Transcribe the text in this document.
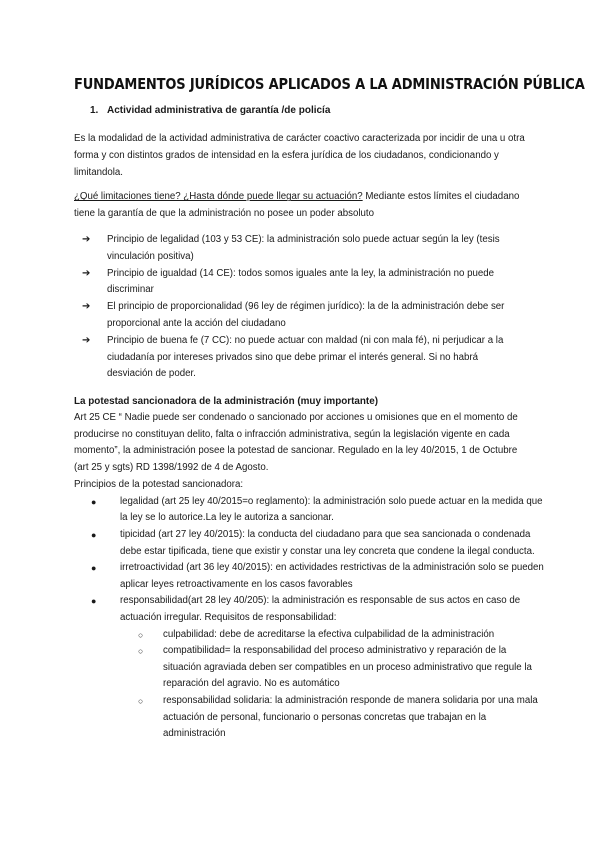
FUNDAMENTOS JURÍDICOS APLICADOS A LA ADMINISTRACIÓN PÚBLICA

1. Actividad administrativa de garantía /de policía

Es la modalidad de la actividad administrativa de carácter coactivo caracterizada por incidir de una u otra forma y con distintos grados de intensidad en la esfera jurídica de los ciudadanos, condicionando y limitandola.

¿Qué limitaciones tiene? ¿Hasta dónde puede llegar su actuación? Mediante estos límites el ciudadano tiene la garantía de que la administración no posee un poder absoluto

➔ Principio de legalidad (103 y 53 CE): la administración solo puede actuar según la ley (tesis vinculación positiva)
➔ Principio de igualdad (14 CE): todos somos iguales ante la ley, la administración no puede discriminar
➔ El principio de proporcionalidad (96 ley de régimen jurídico): la de la administración debe ser proporcional ante la acción del ciudadano
➔ Principio de buena fe (7 CC): no puede actuar con maldad (ni con mala fé), ni perjudicar a la ciudadanía por intereses privados sino que debe primar el interés general. Si no habrá desviación de poder.

La potestad sancionadora de la administración (muy importante)

Art 25 CE “ Nadie puede ser condenado o sancionado por acciones u omisiones que en el momento de producirse no constituyan delito, falta o infracción administrativa, según la legislación vigente en cada momento”, la administración posee la potestad de sancionar. Regulado en la ley 40/2015, 1 de Octubre (art 25 y sgts) RD 1398/1992 de 4 de Agosto.

Principios de la potestad sancionadora:

● legalidad (art 25 ley 40/2015=o reglamento): la administración solo puede actuar en la medida que la ley se lo autorice.La ley le autoriza a sancionar.
● tipicidad (art 27 ley 40/2015): la conducta del ciudadano para que sea sancionada o condenada debe estar tipificada, tiene que existir y constar una ley concreta que condene la ilegal conducta.
● irretroactividad (art 36 ley 40/2015): en actividades restrictivas de la administración solo se pueden aplicar leyes retroactivamente en los casos favorables
● responsabilidad(art 28 ley 40/205): la administración es responsable de sus actos en caso de actuación irregular. Requisitos de responsabilidad:
○ culpabilidad: debe de acreditarse la efectiva culpabilidad de la administración
○ compatibilidad= la responsabilidad del proceso administrativo y reparación de la situación agraviada deben ser compatibles en un proceso administrativo que regule la reparación del agravio. No es automático
○ responsabilidad solidaria: la administración responde de manera solidaria por una mala actuación de personal, funcionario o personas concretas que trabajan en la administración
